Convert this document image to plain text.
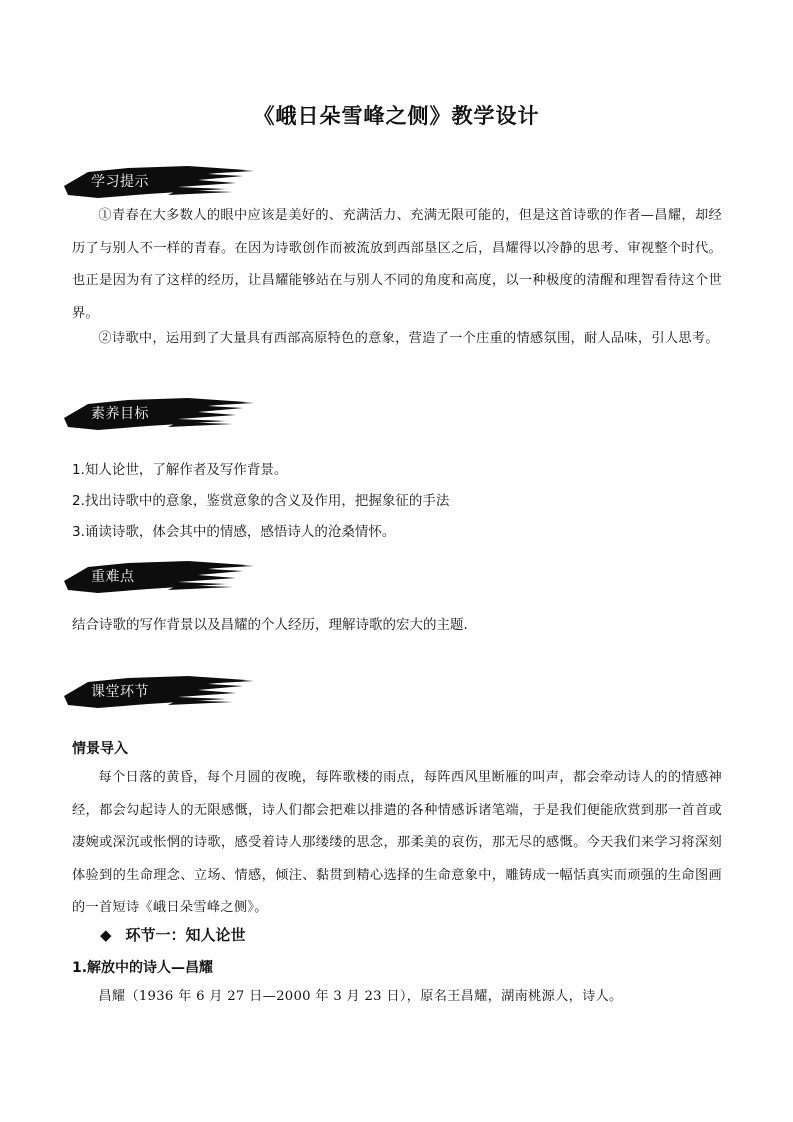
《峨日朵雪峰之侧》教学设计
学习提示
①青春在大多数人的眼中应该是美好的、充满活力、充满无限可能的，但是这首诗歌的作者—昌耀，却经历了与别人不一样的青春。在因为诗歌创作而被流放到西部垦区之后，昌耀得以冷静的思考、审视整个时代。也正是因为有了这样的经历，让昌耀能够站在与别人不同的角度和高度，以一种极度的清醒和理智看待这个世界。
②诗歌中，运用到了大量具有西部高原特色的意象，营造了一个庄重的情感氛围，耐人品味，引人思考。
素养目标
1.知人论世，了解作者及写作背景。
2.找出诗歌中的意象，鉴赏意象的含义及作用，把握象征的手法
3.诵读诗歌，体会其中的情感，感悟诗人的沧桑情怀。
重难点
结合诗歌的写作背景以及昌耀的个人经历，理解诗歌的宏大的主题.
课堂环节
情景导入
每个日落的黄昏，每个月圆的夜晚，每阵歌楼的雨点，每阵西风里断雁的叫声，都会牵动诗人的的情感神经，都会勾起诗人的无限感慨，诗人们都会把难以排遣的各种情感诉诸笔端，于是我们便能欣赏到那一首首或凄婉或深沉或怅惘的诗歌，感受着诗人那缕缕的思念，那柔美的哀伤，那无尽的感慨。今天我们来学习将深刻体验到的生命理念、立场、情感，倾注、黏贯到精心选择的生命意象中，雕铸成一幅恬真实而顽强的生命图画的一首短诗《峨日朵雪峰之侧》。
◆ 环节一：知人论世
1.解放中的诗人—昌耀
昌耀（1936 年 6 月 27 日—2000 年 3 月 23 日），原名王昌耀，湖南桃源人，诗人。
